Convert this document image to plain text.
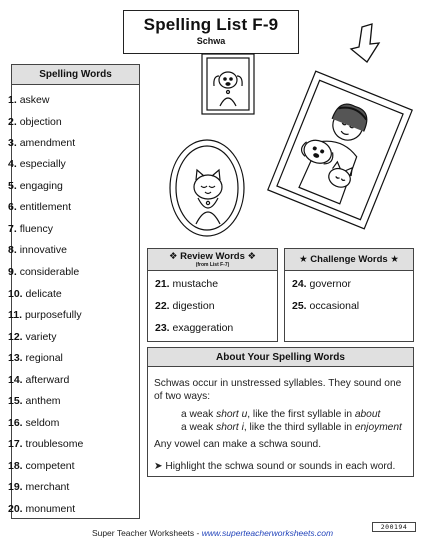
Spelling List F-9
Schwa
Spelling Words
1. askew
2. objection
3. amendment
4. especially
5. engaging
6. entitlement
7. fluency
8. innovative
9. considerable
10. delicate
11. purposefully
12. variety
13. regional
14. afterward
15. anthem
16. seldom
17. troublesome
18. competent
19. merchant
20. monument
❖ Review Words ❖
(from List F-7)
21. mustache
22. digestion
23. exaggeration
★ Challenge Words ★
24. governor
25. occasional
About Your Spelling Words
Schwas occur in unstressed syllables. They sound one
of two ways:
a weak short u, like the first syllable in about
a weak short i, like the third syllable in enjoyment
Any vowel can make a schwa sound.
➤ Highlight the schwa sound or sounds in each word.
200194
Super Teacher Worksheets - www.superteacherworksheets.com
